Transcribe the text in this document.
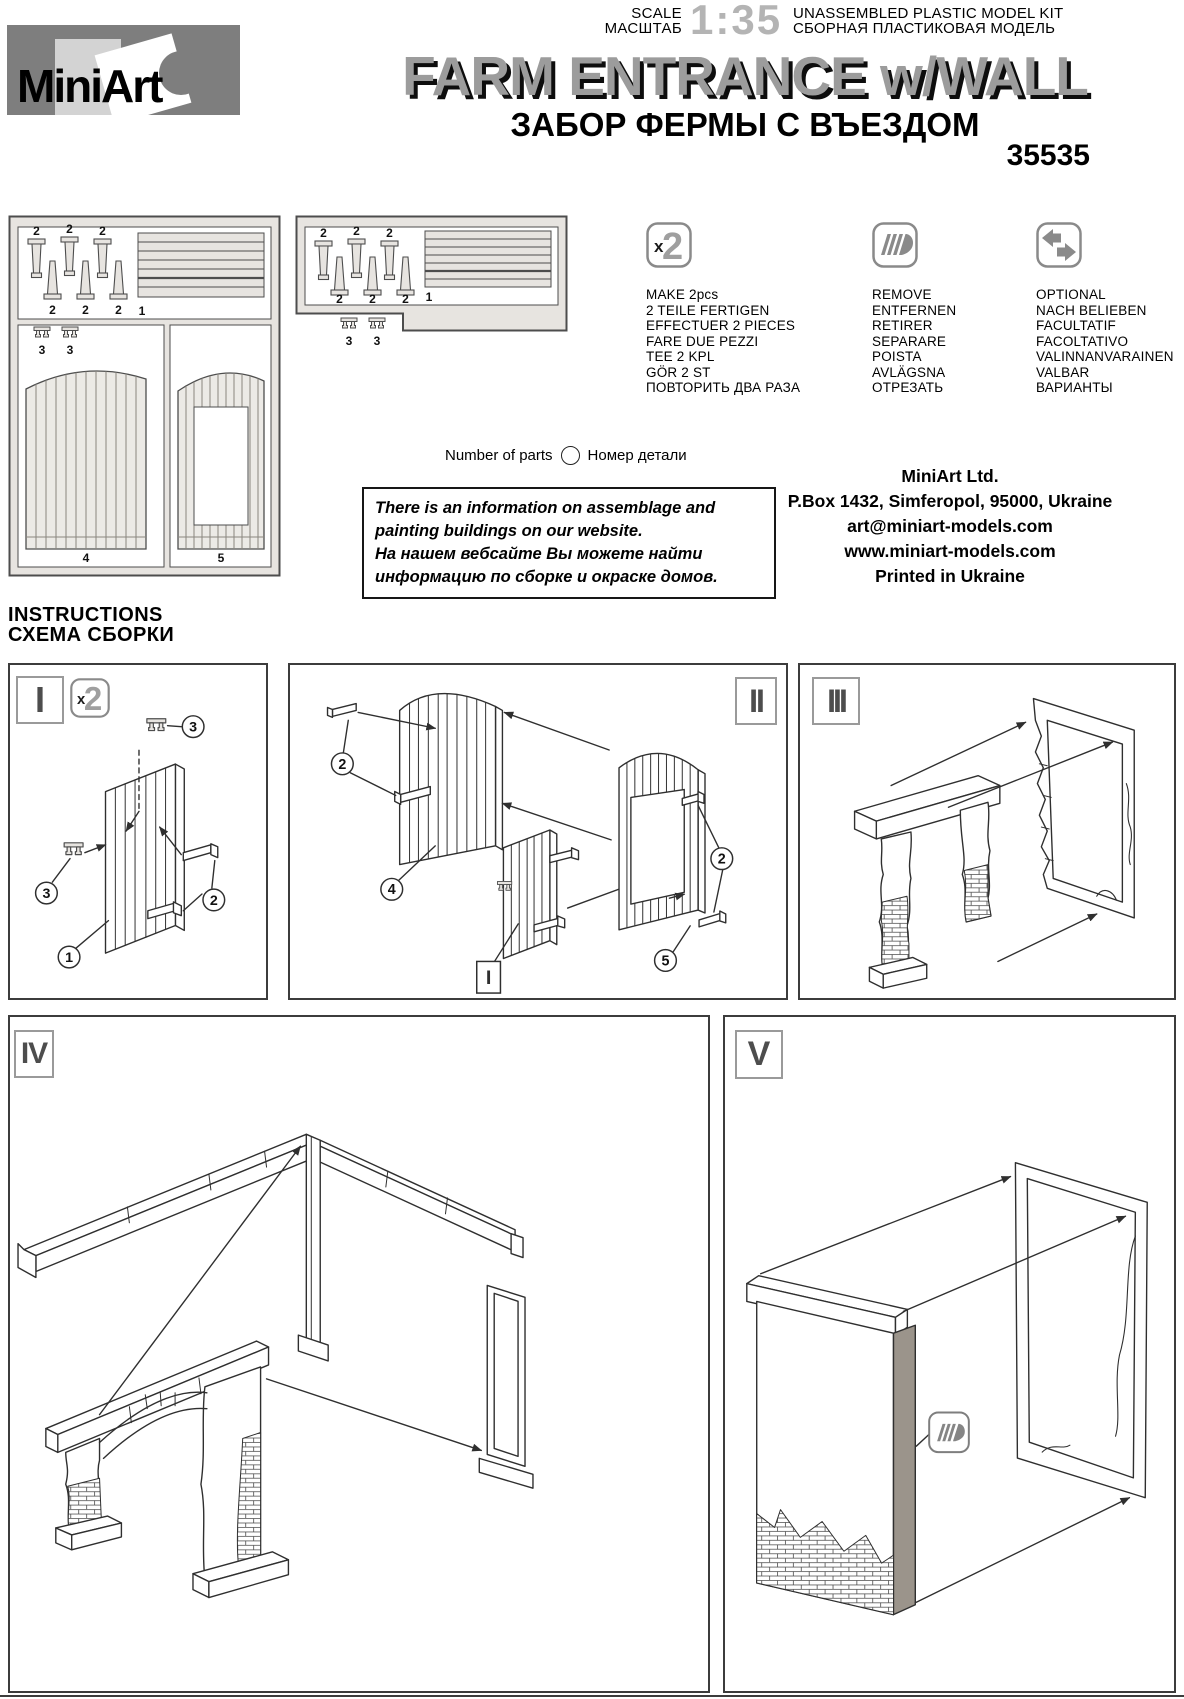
MiniArt
SCALE
МАСШТАБ 1:35 UNASSEMBLED PLASTIC MODEL KIT
СБОРНАЯ ПЛАСТИКОВАЯ МОДЕЛЬ
FARM ENTRANCE w/WALL
ЗАБОР ФЕРМЫ С ВЪЕЗДОМ
35535
2 2 2
2 2 2 1
3 3
4	5
2 2 2
2 2 2 1
3 3
x
2
MAKE 2pcs
2 TEILE FERTIGEN
EFFECTUER 2 PIECES
FARE DUE PEZZI
TEE 2 KPL
GÖR 2 ST
ПОВТОРИТЬ ДВА РАЗА
REMOVE
ENTFERNEN
RETIRER
SEPARARE
POISTA
AVLÄGSNA
ОТРЕЗАТЬ
OPTIONAL
NACH BELIEBEN
FACULTATIF
FACOLTATIVO
VALINNANVARAINEN
VALBAR
ВАРИАНТЫ
Number of parts Номер детали

There is an information on assemblage and painting buildings on our website.

На нашем вебсайте Вы можете найти информацию по сборке и окраске домов.

MiniArt Ltd.
P.Box 1432, Simferopol, 95000, Ukraine
art@miniart-models.com
www.miniart-models.com
Printed in Ukraine
INSTRUCTIONS
СХЕМА СБОРКИ
3
3	2
1
I x
2
I
2
4
2
5
II III
IV	V
